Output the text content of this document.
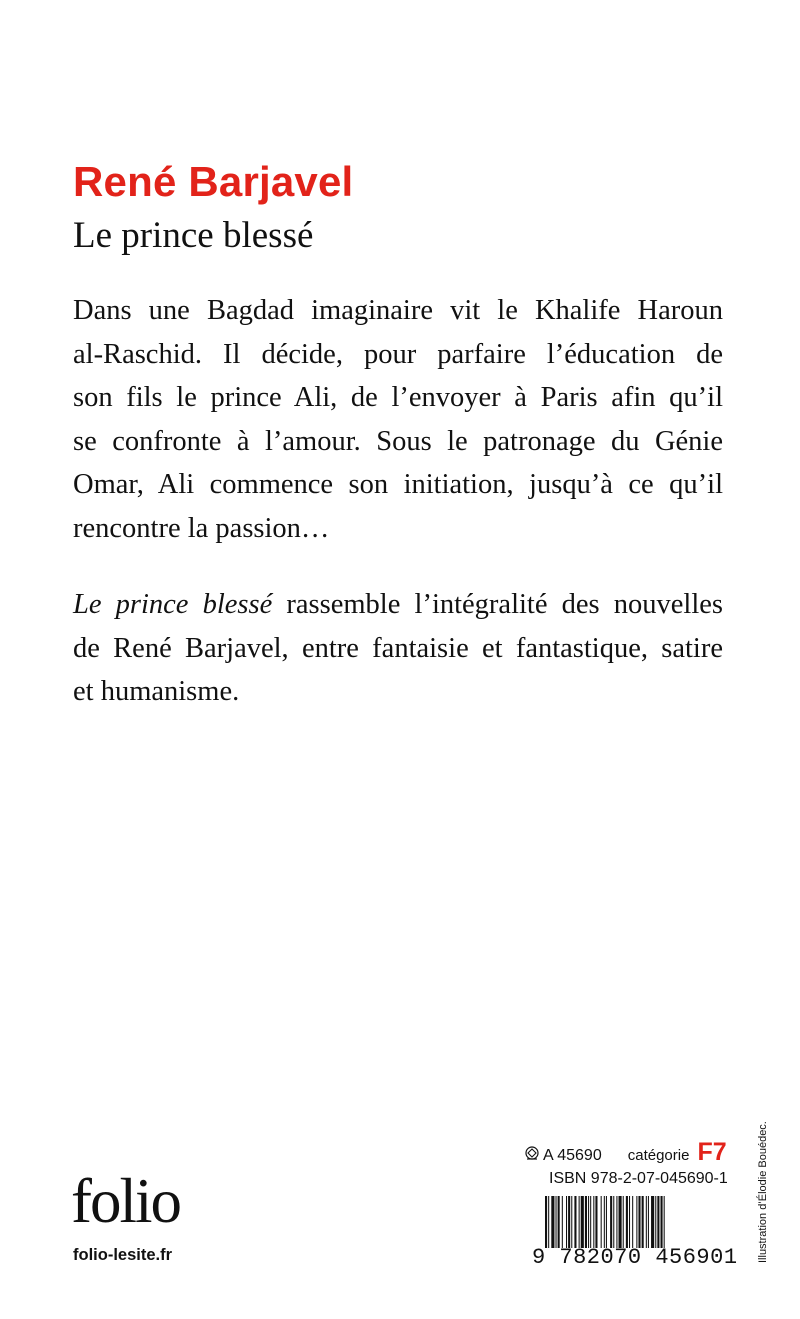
René Barjavel
Le prince blessé
Dans une Bagdad imaginaire vit le Khalife Haroun
al-Raschid. Il décide, pour parfaire l’éducation de
son fils le prince Ali, de l’envoyer à Paris afin qu’il
se confronte à l’amour. Sous le patronage du Génie
Omar, Ali commence son initiation, jusqu’à ce qu’il
rencontre la passion…
Le prince blessé rassemble l’intégralité des nouvelles
de René Barjavel, entre fantaisie et fantastique, satire
et humanisme.
folio
folio-lesite.fr
A 45690 catégorie F7
ISBN 978-2-07-045690-1
9 782070 456901 Illustration d’Élodie Bouédec.
